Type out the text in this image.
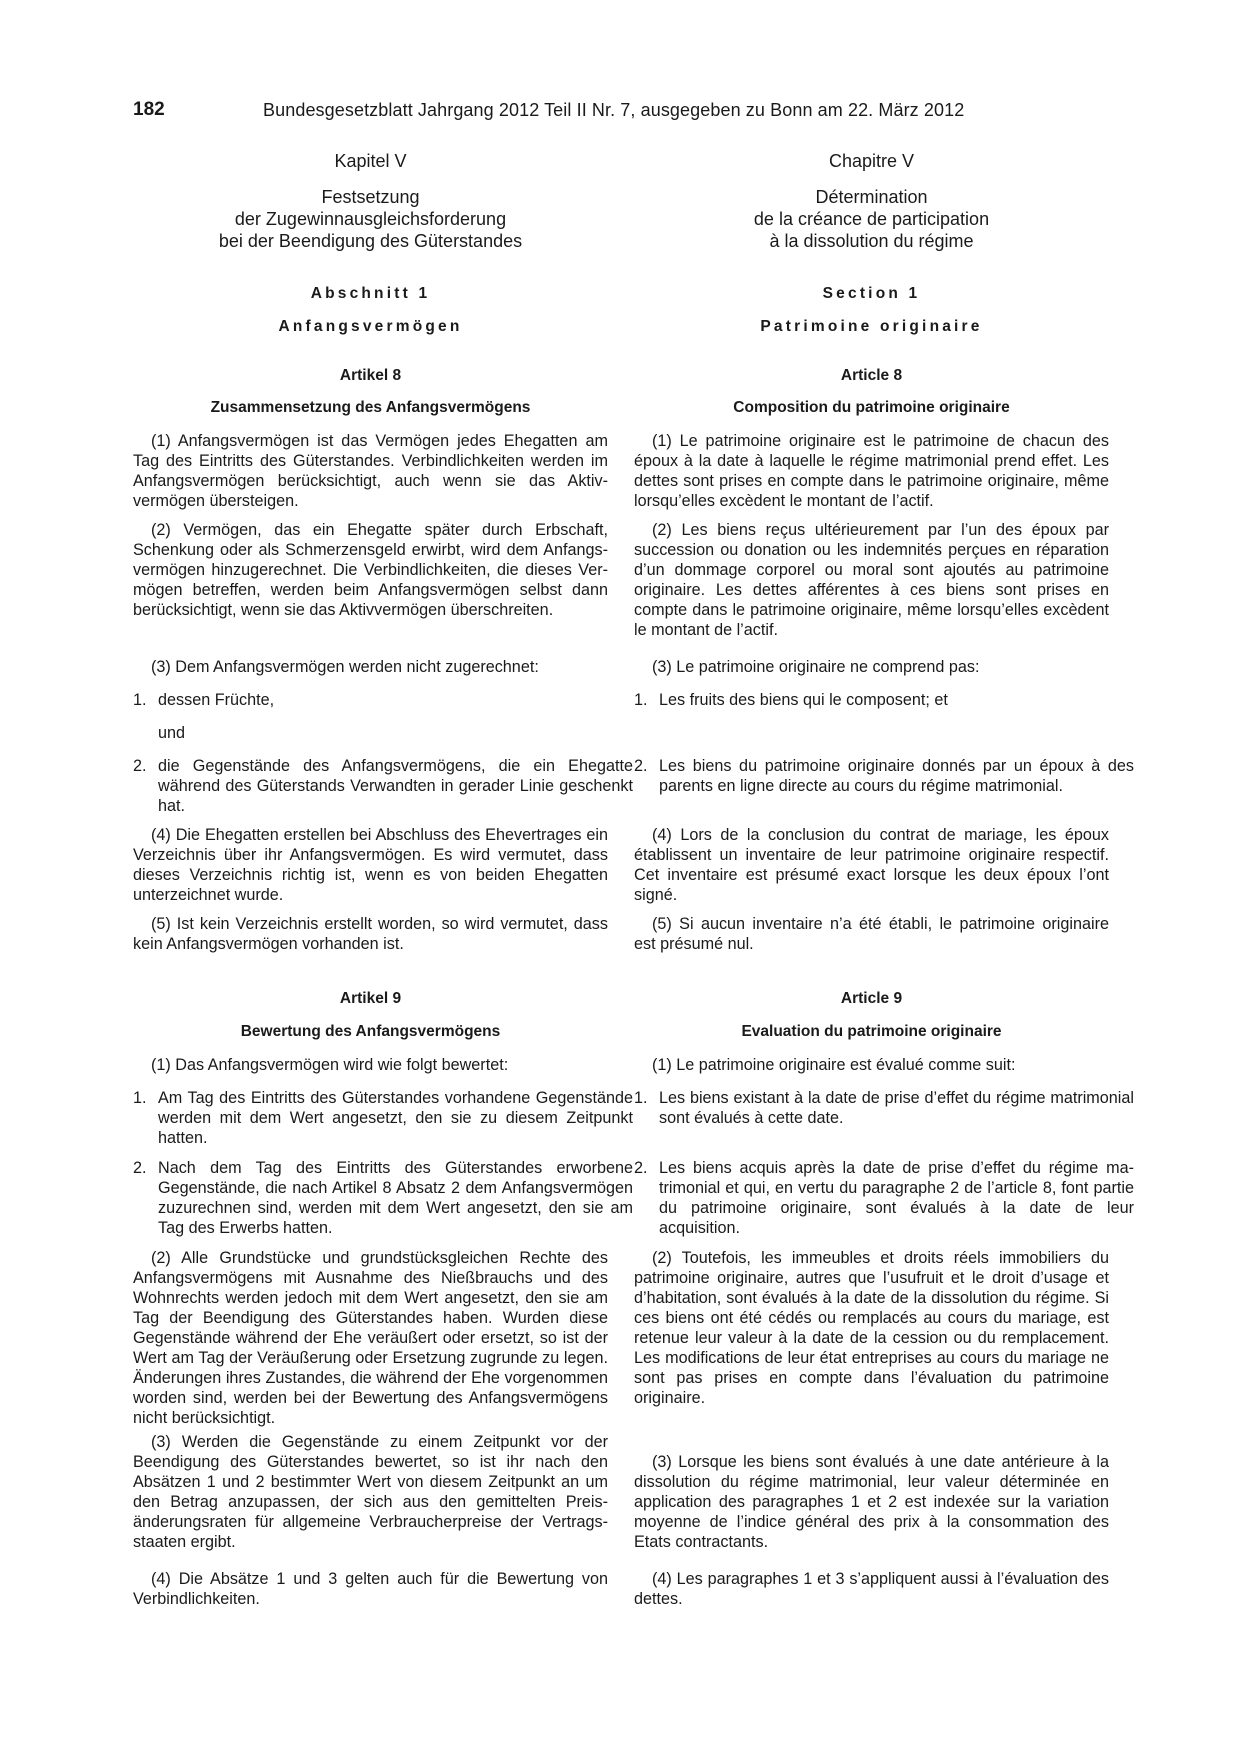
182	Bundesgesetzblatt Jahrgang 2012 Teil II Nr. 7, ausgegeben zu Bonn am 22. März 2012
Kapitel V
Festsetzung
der Zugewinnausgleichsforderung
bei der Beendigung des Güterstandes
Abschnitt 1
Anfangsvermögen
Artikel 8
Zusammensetzung des Anfangsvermögens
(1) Anfangsvermögen ist das Vermögen jedes Ehegatten am Tag des Eintritts des Güterstandes. Verbindlichkeiten werden im Anfangsvermögen berücksichtigt, auch wenn sie das Aktivvermögen übersteigen.
(2) Vermögen, das ein Ehegatte später durch Erbschaft, Schenkung oder als Schmerzensgeld erwirbt, wird dem Anfangsvermögen hinzugerechnet. Die Verbindlichkeiten, die dieses Vermögen betreffen, werden beim Anfangsvermögen selbst dann berücksichtigt, wenn sie das Aktivvermögen überschreiten.
(3) Dem Anfangsvermögen werden nicht zugerechnet:
1. dessen Früchte,
und
2. die Gegenstände des Anfangsvermögens, die ein Ehegatte während des Güterstands Verwandten in gerader Linie geschenkt hat.
(4) Die Ehegatten erstellen bei Abschluss des Ehevertrages ein Verzeichnis über ihr Anfangsvermögen. Es wird vermutet, dass dieses Verzeichnis richtig ist, wenn es von beiden Ehegatten unterzeichnet wurde.
(5) Ist kein Verzeichnis erstellt worden, so wird vermutet, dass kein Anfangsvermögen vorhanden ist.
Artikel 9
Bewertung des Anfangsvermögens
(1) Das Anfangsvermögen wird wie folgt bewertet:
1. Am Tag des Eintritts des Güterstandes vorhandene Gegenstände werden mit dem Wert angesetzt, den sie zu diesem Zeitpunkt hatten.
2. Nach dem Tag des Eintritts des Güterstandes erworbene Gegenstände, die nach Artikel 8 Absatz 2 dem Anfangsvermögen zuzurechnen sind, werden mit dem Wert angesetzt, den sie am Tag des Erwerbs hatten.
(2) Alle Grundstücke und grundstücksgleichen Rechte des Anfangsvermögens mit Ausnahme des Nießbrauchs und des Wohnrechts werden jedoch mit dem Wert angesetzt, den sie am Tag der Beendigung des Güterstandes haben. Wurden diese Gegenstände während der Ehe veräußert oder ersetzt, so ist der Wert am Tag der Veräußerung oder Ersetzung zugrunde zu legen. Änderungen ihres Zustandes, die während der Ehe vorgenommen worden sind, werden bei der Bewertung des Anfangsvermögens nicht berücksichtigt.
(3) Werden die Gegenstände zu einem Zeitpunkt vor der Beendigung des Güterstandes bewertet, so ist ihr nach den Absätzen 1 und 2 bestimmter Wert von diesem Zeitpunkt an um den Betrag anzupassen, der sich aus den gemittelten Preisänderungsraten für allgemeine Verbraucherpreise der Vertragsstaaten ergibt.
(4) Die Absätze 1 und 3 gelten auch für die Bewertung von Verbindlichkeiten.
Chapitre V
Détermination
de la créance de participation
à la dissolution du régime
Section 1
Patrimoine originaire
Article 8
Composition du patrimoine originaire
(1) Le patrimoine originaire est le patrimoine de chacun des époux à la date à laquelle le régime matrimonial prend effet. Les dettes sont prises en compte dans le patrimoine originaire, même lorsqu’elles excèdent le montant de l’actif.
(2) Les biens reçus ultérieurement par l’un des époux par succession ou donation ou les indemnités perçues en réparation d’un dommage corporel ou moral sont ajoutés au patrimoine originaire. Les dettes afférentes à ces biens sont prises en compte dans le patrimoine originaire, même lorsqu’elles excèdent le montant de l’actif.
(3) Le patrimoine originaire ne comprend pas:
1. Les fruits des biens qui le composent; et
2. Les biens du patrimoine originaire donnés par un époux à des parents en ligne directe au cours du régime matrimonial.
(4) Lors de la conclusion du contrat de mariage, les époux établissent un inventaire de leur patrimoine originaire respectif. Cet inventaire est présumé exact lorsque les deux époux l’ont signé.
(5) Si aucun inventaire n’a été établi, le patrimoine originaire est présumé nul.
Article 9
Evaluation du patrimoine originaire
(1) Le patrimoine originaire est évalué comme suit:
1. Les biens existant à la date de prise d’effet du régime matrimonial sont évalués à cette date.
2. Les biens acquis après la date de prise d’effet du régime matrimonial et qui, en vertu du paragraphe 2 de l’article 8, font partie du patrimoine originaire, sont évalués à la date de leur acquisition.
(2) Toutefois, les immeubles et droits réels immobiliers du patrimoine originaire, autres que l’usufruit et le droit d’usage et d’habitation, sont évalués à la date de la dissolution du régime. Si ces biens ont été cédés ou remplacés au cours du mariage, est retenue leur valeur à la date de la cession ou du remplacement. Les modifications de leur état entreprises au cours du mariage ne sont pas prises en compte dans l’évaluation du patrimoine originaire.
(3) Lorsque les biens sont évalués à une date antérieure à la dissolution du régime matrimonial, leur valeur déterminée en application des paragraphes 1 et 2 est indexée sur la variation moyenne de l’indice général des prix à la consommation des Etats contractants.
(4) Les paragraphes 1 et 3 s’appliquent aussi à l’évaluation des dettes.
